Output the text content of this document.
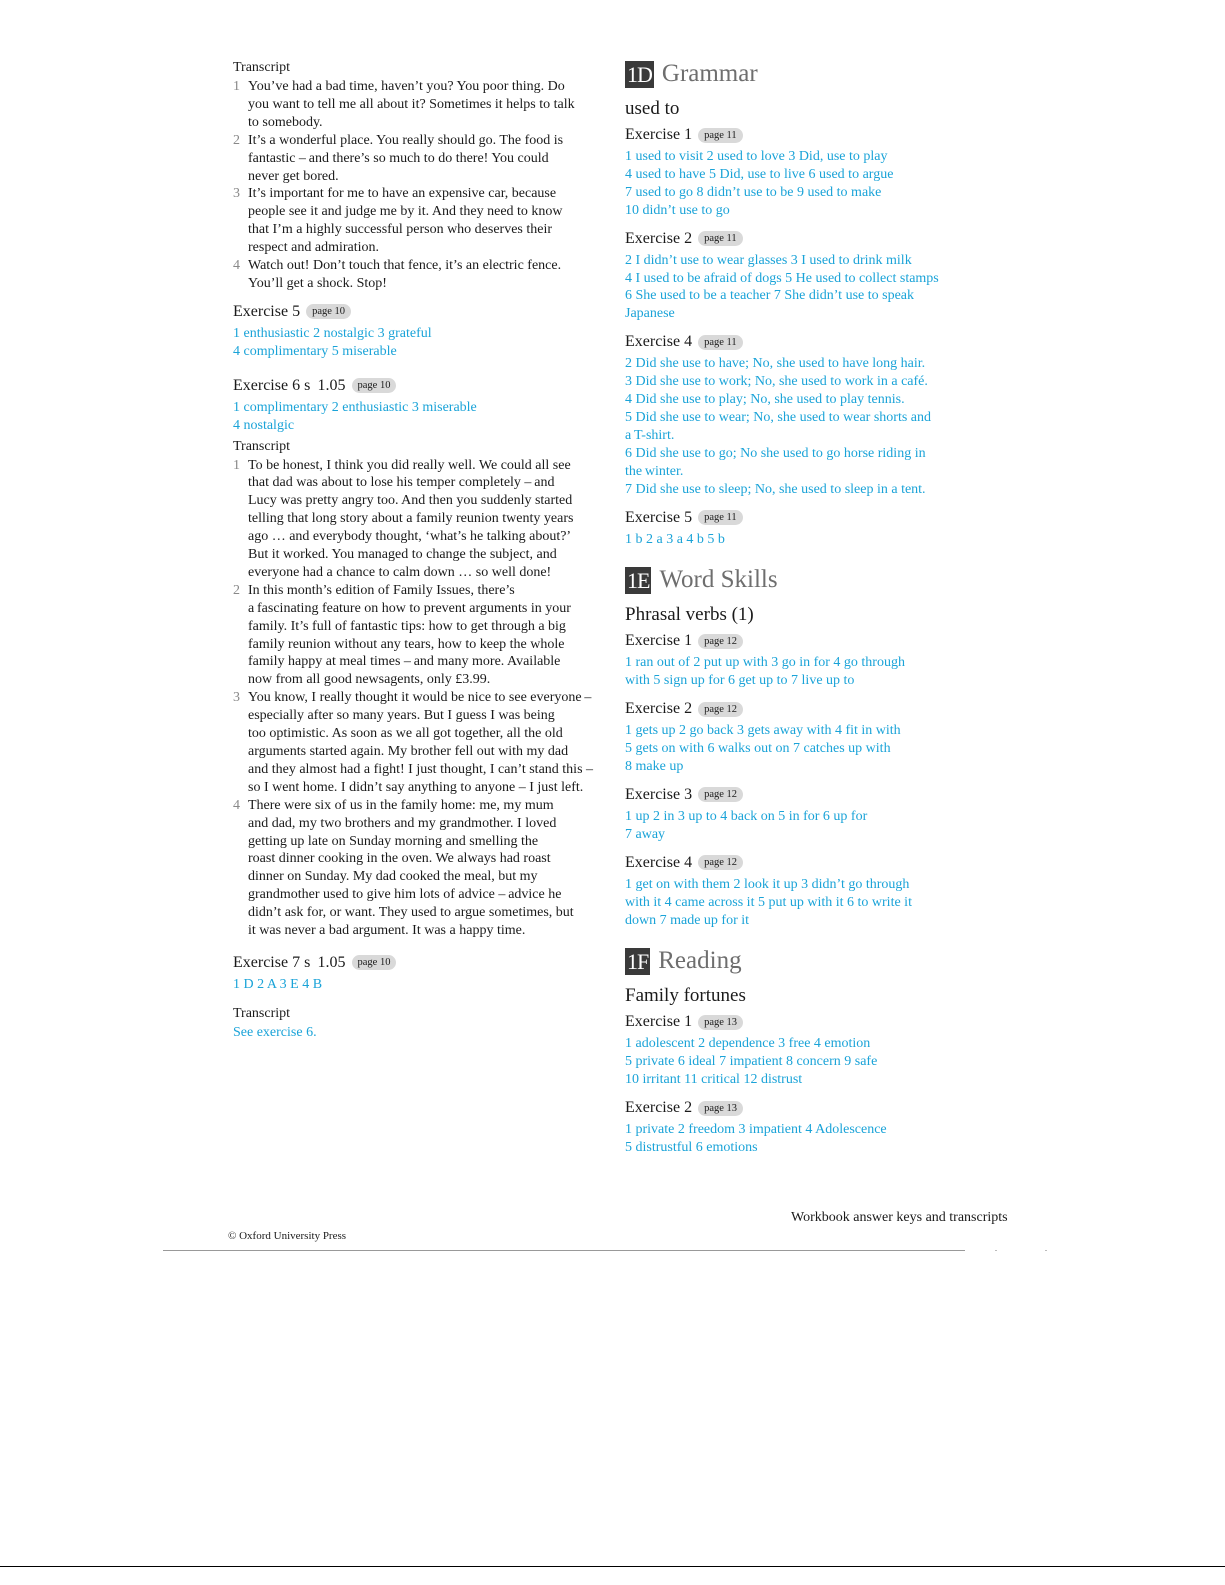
Transcript
1 You’ve had a bad time, haven’t you? You poor thing. Do
you want to tell me all about it? Sometimes it helps to talk
to somebody.
2 It’s a wonderful place. You really should go. The food is
fantastic – and there’s so much to do there! You could
never get bored.
3 It’s important for me to have an expensive car, because
people see it and judge me by it. And they need to know
that I’m a highly successful person who deserves their
respect and admiration.
4 Watch out! Don’t touch that fence, it’s an electric fence.
You’ll get a shock. Stop!
Exercise 5	page 10
1 enthusiastic 2 nostalgic 3 grateful
4 complimentary 5 miserable
Exercise 6 s  1.05	page 10
1 complimentary 2 enthusiastic 3 miserable
4 nostalgic
Transcript
1 To be honest, I think you did really well. We could all see
that dad was about to lose his temper completely – and
Lucy was pretty angry too. And then you suddenly started
telling that long story about a family reunion twenty years
ago … and everybody thought, ‘what’s he talking about?’
But it worked. You managed to change the subject, and
everyone had a chance to calm down … so well done!
2 In this month’s edition of Family Issues, there’s
a fascinating feature on how to prevent arguments in your
family. It’s full of fantastic tips: how to get through a big
family reunion without any tears, how to keep the whole
family happy at meal times – and many more. Available
now from all good newsagents, only £3.99.
3 You know, I really thought it would be nice to see everyone –
especially after so many years. But I guess I was being
too optimistic. As soon as we all got together, all the old
arguments started again. My brother fell out with my dad
and they almost had a fight! I just thought, I can’t stand this –
so I went home. I didn’t say anything to anyone – I just left.
4 There were six of us in the family home: me, my mum
and dad, my two brothers and my grandmother. I loved
getting up late on Sunday morning and smelling the
roast dinner cooking in the oven. We always had roast
dinner on Sunday. My dad cooked the meal, but my
grandmother used to give him lots of advice – advice he
didn’t ask for, or want. They used to argue sometimes, but
it was never a bad argument. It was a happy time.
Exercise 7 s  1.05	page 10
1 D 2 A 3 E 4 B
Transcript
See exercise 6.
1D Grammar
used to
Exercise 1	page 11
1 used to visit 2 used to love 3 Did, use to play
4 used to have 5 Did, use to live 6 used to argue
7 used to go 8 didn’t use to be 9 used to make
10 didn’t use to go
Exercise 2	page 11
2 I didn’t use to wear glasses 3 I used to drink milk
4 I used to be afraid of dogs 5 He used to collect stamps
6 She used to be a teacher 7 She didn’t use to speak
Japanese
Exercise 4	page 11
2 Did she use to have; No, she used to have long hair.
3 Did she use to work; No, she used to work in a café.
4 Did she use to play; No, she used to play tennis.
5 Did she use to wear; No, she used to wear shorts and
a T-shirt.
6 Did she use to go; No she used to go horse riding in
the winter.
7 Did she use to sleep; No, she used to sleep in a tent.
Exercise 5	page 11
1 b 2 a 3 a 4 b 5 b
1E Word Skills
Phrasal verbs (1)
Exercise 1	page 12
1 ran out of 2 put up with 3 go in for 4 go through
with 5 sign up for 6 get up to 7 live up to
Exercise 2	page 12
1 gets up 2 go back 3 gets away with 4 fit in with
5 gets on with 6 walks out on 7 catches up with
8 make up
Exercise 3	page 12
1 up 2 in 3 up to 4 back on 5 in for 6 up for
7 away
Exercise 4	page 12
1 get on with them 2 look it up 3 didn’t go through
with it 4 came across it 5 put up with it 6 to write it
down 7 made up for it
1F Reading
Family fortunes
Exercise 1	page 13
1 adolescent 2 dependence 3 free 4 emotion
5 private 6 ideal 7 impatient 8 concern 9 safe
10 irritant 11 critical 12 distrust
Exercise 2	page 13
1 private 2 freedom 3 impatient 4 Adolescence
5 distrustful 6 emotions
Workbook answer keys and transcripts
© Oxford University Press
